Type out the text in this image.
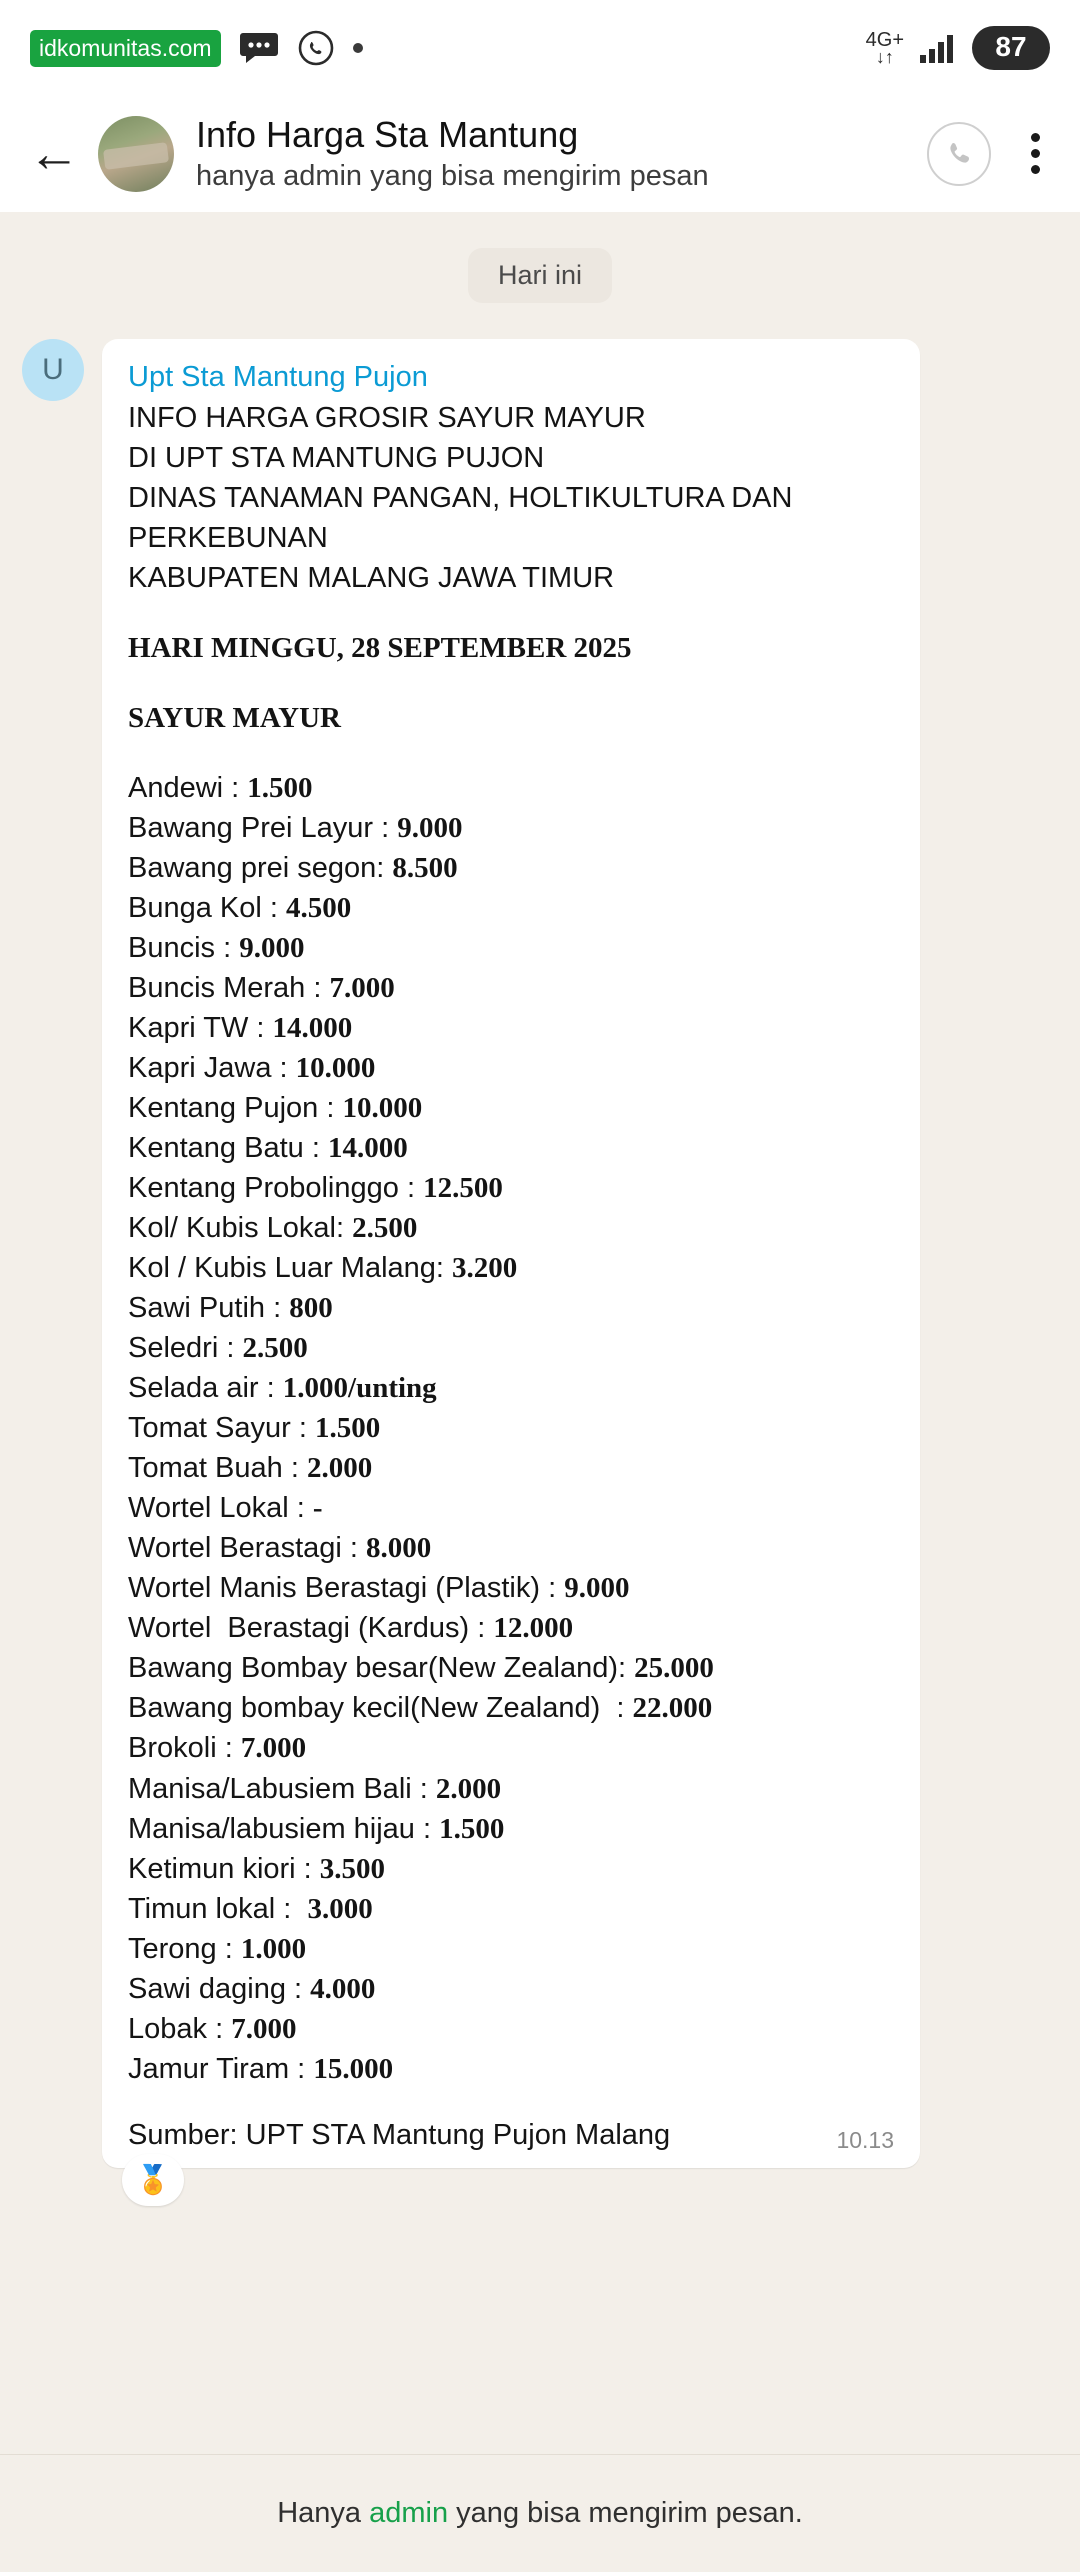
idkomunitas.com	4G+
↓↑	87
←	Info Harga Sta Mantung
hanya admin yang bisa mengirim pesan
Hari ini
U	Upt Sta Mantung Pujon
INFO HARGA GROSIR SAYUR MAYUR
DI UPT STA MANTUNG PUJON
DINAS TANAMAN PANGAN, HOLTIKULTURA DAN PERKEBUNAN
KABUPATEN MALANG JAWA TIMUR
HARI MINGGU, 28 SEPTEMBER 2025
SAYUR MAYUR
Andewi : 1.500
Bawang Prei Layur : 9.000
Bawang prei segon: 8.500
Bunga Kol : 4.500
Buncis : 9.000
Buncis Merah : 7.000
Kapri TW : 14.000
Kapri Jawa : 10.000
Kentang Pujon : 10.000
Kentang Batu : 14.000
Kentang Probolinggo : 12.500
Kol/ Kubis Lokal: 2.500
Kol / Kubis Luar Malang: 3.200
Sawi Putih : 800
Seledri : 2.500
Selada air : 1.000/unting
Tomat Sayur : 1.500
Tomat Buah : 2.000
Wortel Lokal : -
Wortel Berastagi : 8.000
Wortel Manis Berastagi (Plastik) : 9.000
Wortel  Berastagi (Kardus) : 12.000
Bawang Bombay besar(New Zealand): 25.000
Bawang bombay kecil(New Zealand)  : 22.000
Brokoli : 7.000
Manisa/Labusiem Bali : 2.000
Manisa/labusiem hijau : 1.500
Ketimun kiori : 3.500
Timun lokal :  3.000
Terong : 1.000
Sawi daging : 4.000
Lobak : 7.000
Jamur Tiram : 15.000
Sumber: UPT STA Mantung Pujon Malang	10.13
🏅
Hanya admin yang bisa mengirim pesan.
